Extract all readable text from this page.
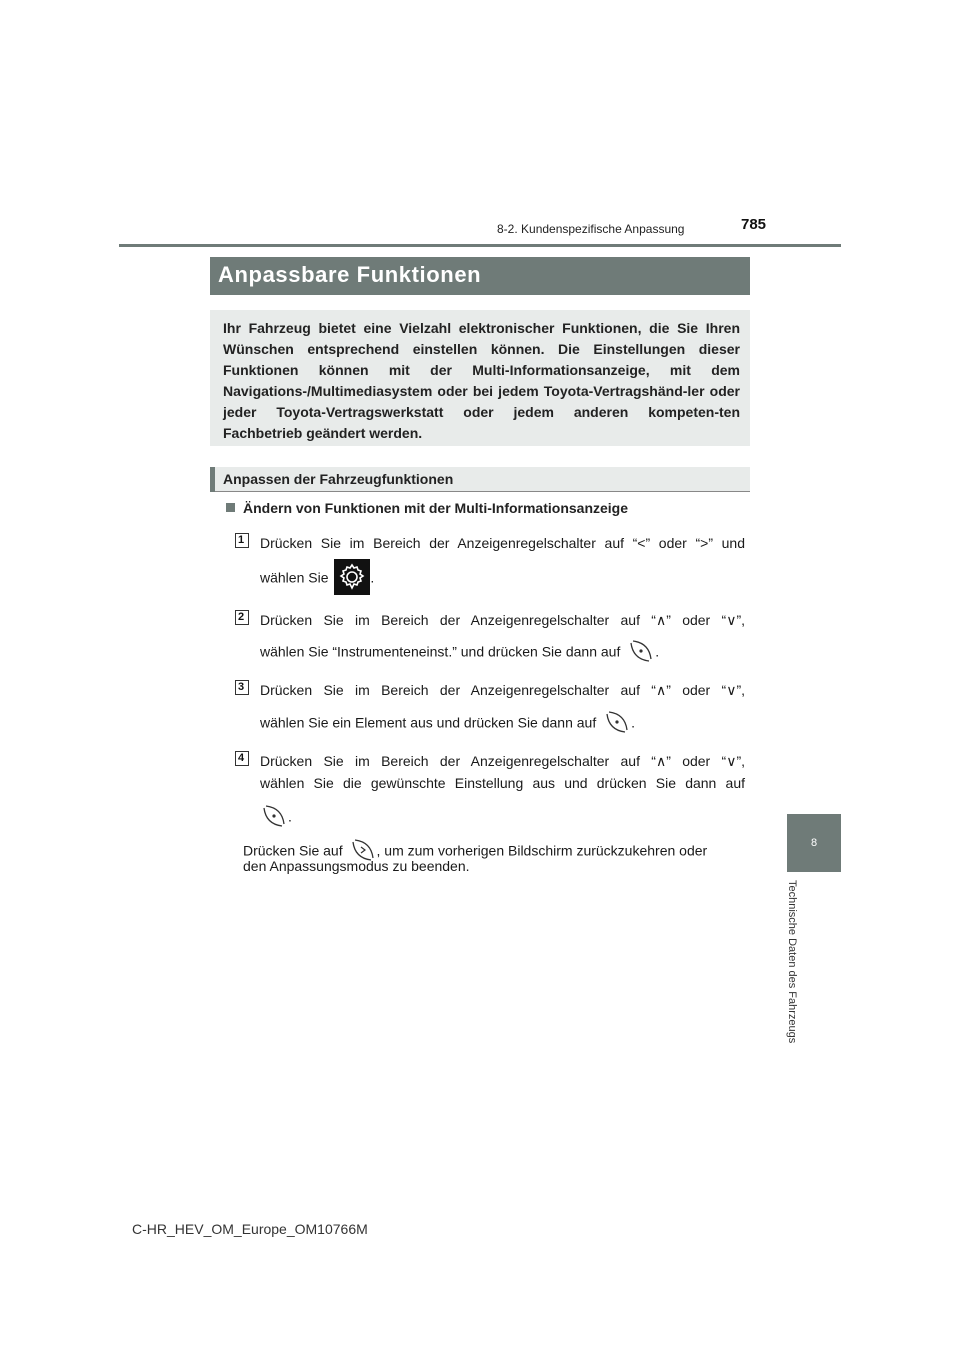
8-2. Kundenspezifische Anpassung	785
8
Technische Daten des Fahrzeugs
Anpassbare Funktionen

Ihr Fahrzeug bietet eine Vielzahl elektronischer Funktionen, die Sie Ihren Wünschen entsprechend einstellen können. Die Einstellungen dieser Funktionen können mit der Multi-Informationsanzeige, mit dem Navigations-/Multimediasystem oder bei jedem Toyota-Vertragshänd-ler oder jeder Toyota-Vertragswerkstatt oder jedem anderen kompeten-ten Fachbetrieb geändert werden.

Anpassen der Fahrzeugfunktionen
Ändern von Funktionen mit der Multi-Informationsanzeige
1	Drücken Sie im Bereich der Anzeigenregelschalter auf “<” oder “>” und
wählen Sie	.
2	Drücken Sie im Bereich der Anzeigenregelschalter auf “∧” oder “∨”,
wählen Sie “Instrumenteneinst.” und drücken Sie dann auf .
3	Drücken Sie im Bereich der Anzeigenregelschalter auf “∧” oder “∨”,
wählen Sie ein Element aus und drücken Sie dann auf .
4	Drücken Sie im Bereich der Anzeigenregelschalter auf “∧” oder “∨”,
wählen Sie die gewünschte Einstellung aus und drücken Sie dann auf
.
Drücken Sie auf , um zum vorherigen Bildschirm zurückzukehren oder
den Anpassungsmodus zu beenden.
C-HR_HEV_OM_Europe_OM10766M
